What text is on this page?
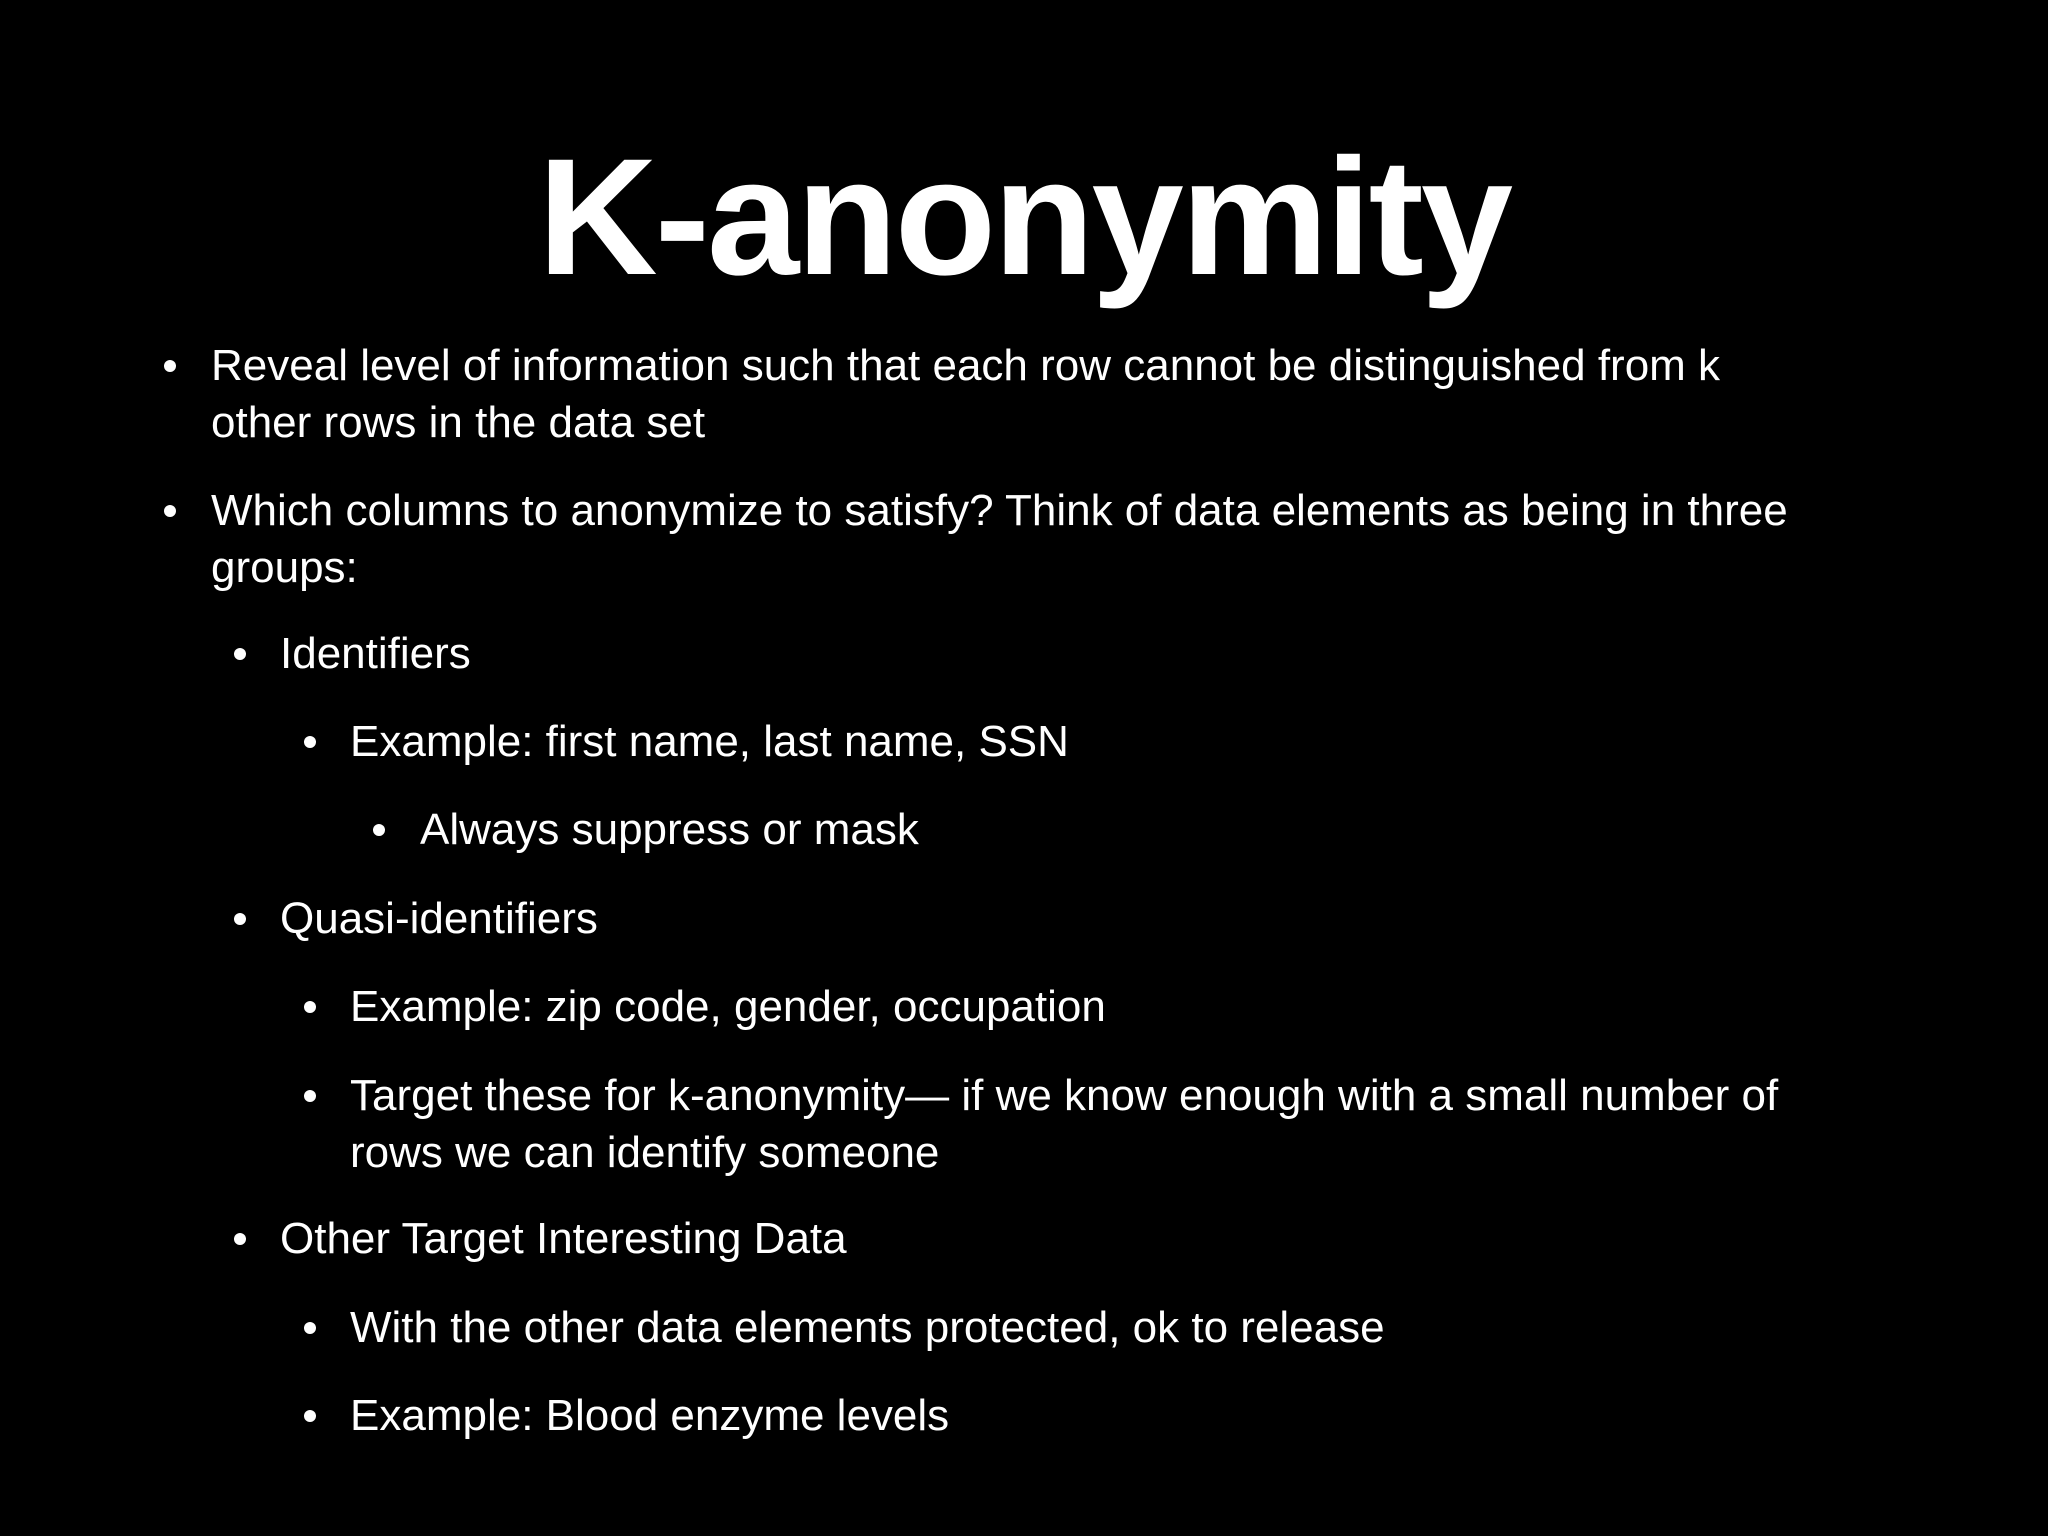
K-anonymity
Reveal level of information such that each row cannot be distinguished from k
other rows in the data set
Which columns to anonymize to satisfy? Think of data elements as being in three
groups:
Identifiers
Example: first name, last name, SSN
Always suppress or mask
Quasi-identifiers
Example: zip code, gender, occupation
Target these for k-anonymity— if we know enough with a small number of
rows we can identify someone
Other Target Interesting Data
With the other data elements protected, ok to release
Example: Blood enzyme levels
